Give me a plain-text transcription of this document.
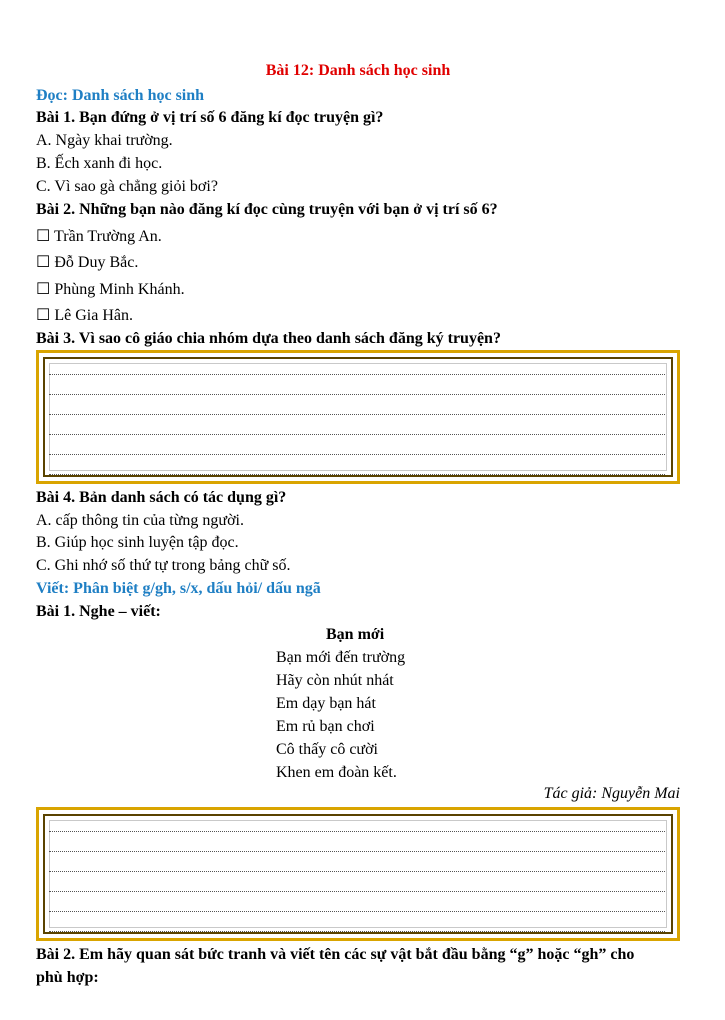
Bài 12: Danh sách học sinh
Đọc: Danh sách học sinh
Bài 1. Bạn đứng ở vị trí số 6 đăng kí đọc truyện gì?
A. Ngày khai trường.
B. Ếch xanh đi học.
C. Vì sao gà chẳng giỏi bơi?
Bài 2. Những bạn nào đăng kí đọc cùng truyện với bạn ở vị trí số 6?
☐ Trần Trường An.
☐ Đỗ Duy Bắc.
☐ Phùng Minh Khánh.
☐ Lê Gia Hân.
Bài 3. Vì sao cô giáo chia nhóm dựa theo danh sách đăng ký truyện?
Bài 4. Bản danh sách có tác dụng gì?
A. cấp thông tin của từng người.
B. Giúp học sinh luyện tập đọc.
C. Ghi nhớ số thứ tự trong bảng chữ số.
Viết: Phân biệt g/gh, s/x, dấu hỏi/ dấu ngã
Bài 1. Nghe – viết:
Bạn mới
Bạn mới đến trường
Hãy còn nhút nhát
Em dạy bạn hát
Em rủ bạn chơi
Cô thấy cô cười
Khen em đoàn kết.
Tác giả: Nguyễn Mai
Bài 2. Em hãy quan sát bức tranh và viết tên các sự vật bắt đầu bằng “g” hoặc “gh” cho
phù hợp:
